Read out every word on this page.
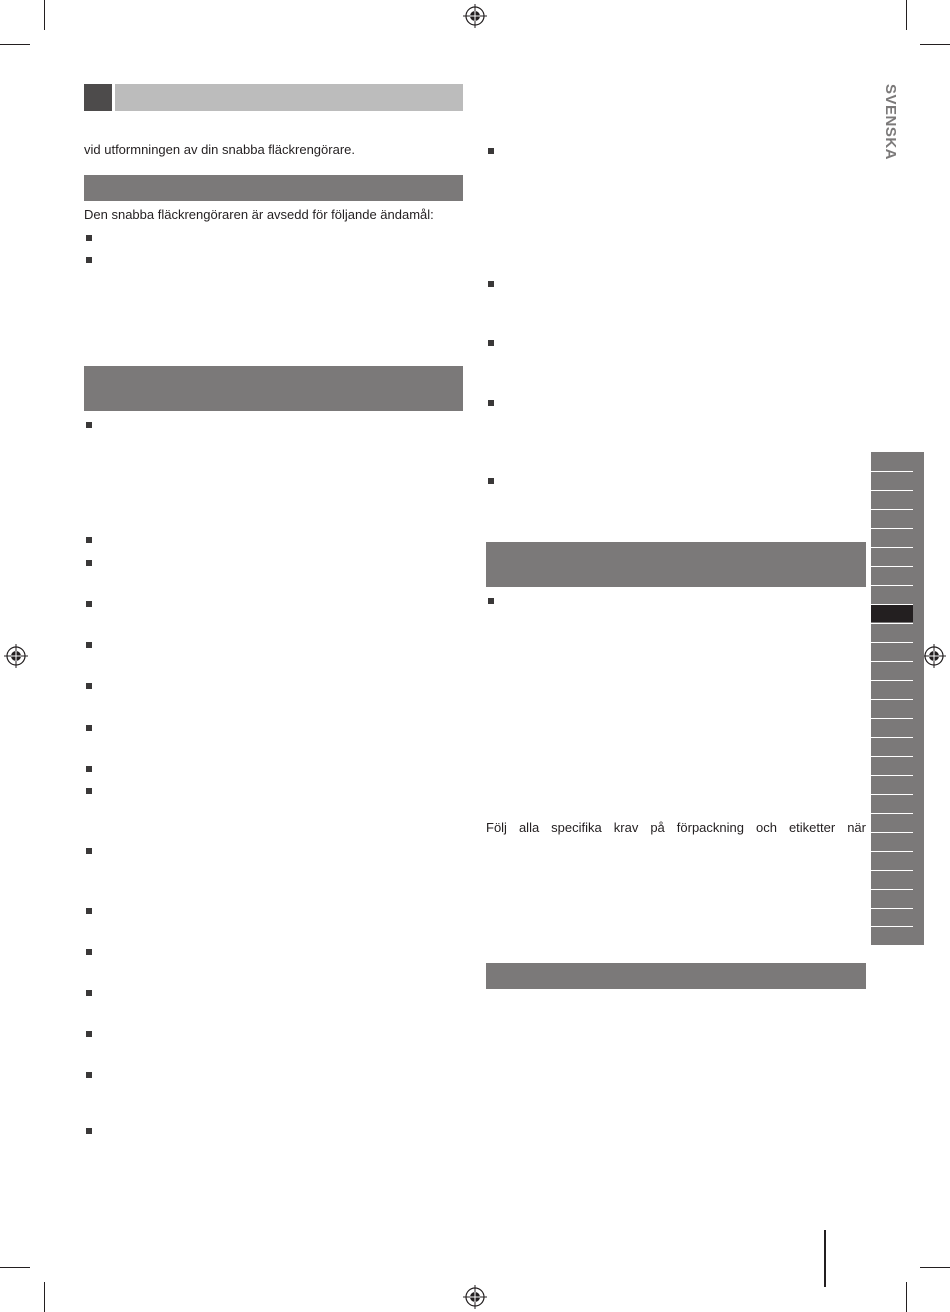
SVENSKA
vid utformningen av din snabba fläckrengörare.
Den snabba fläckrengöraren är avsedd för följande ändamål:
Följ alla specifika krav på förpackning och etiketter när
